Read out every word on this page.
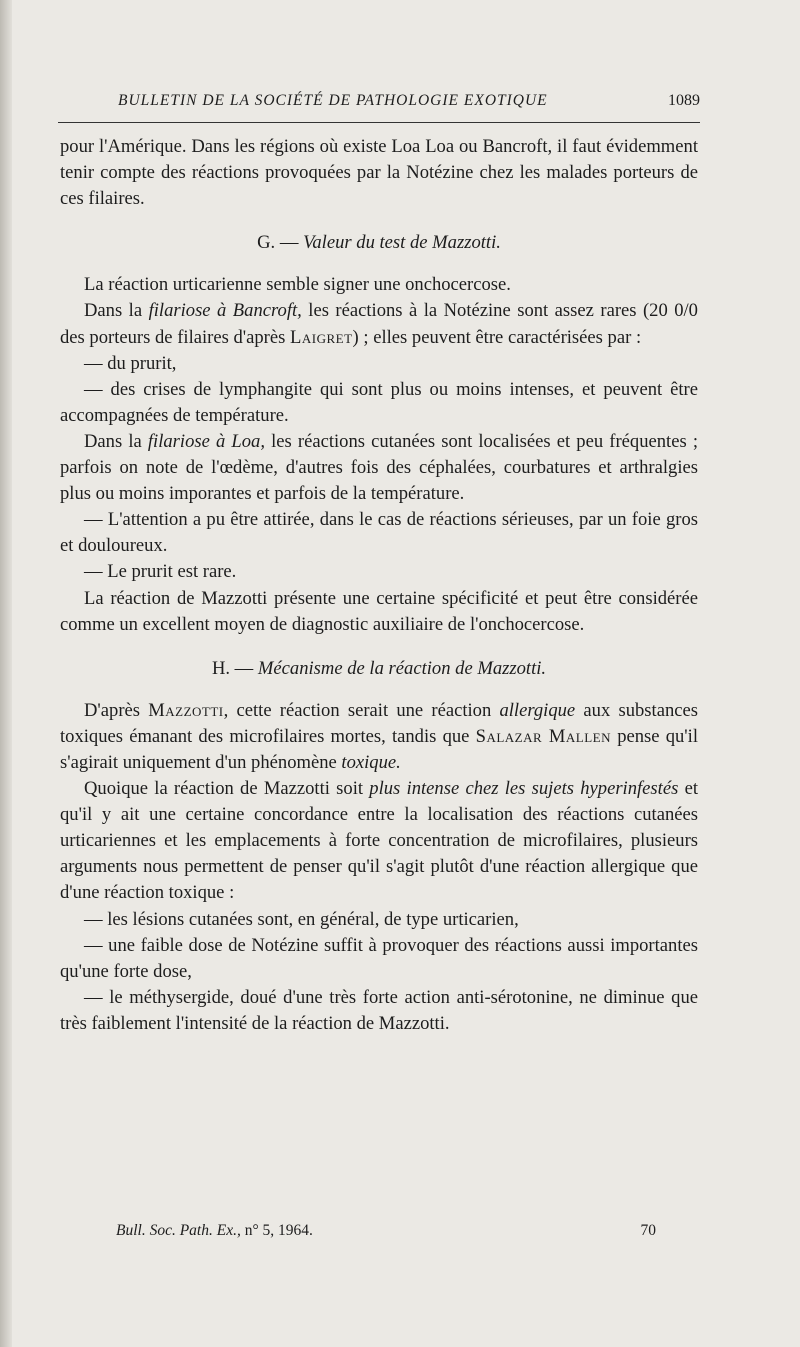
BULLETIN DE LA SOCIÉTÉ DE PATHOLOGIE EXOTIQUE	1089

pour l'Amérique. Dans les régions où existe Loa Loa ou Bancroft, il faut évidemment tenir compte des réactions provoquées par la Notézine chez les malades porteurs de ces filaires.

G. — Valeur du test de Mazzotti.

La réaction urticarienne semble signer une onchocercose.

Dans la filariose à Bancroft, les réactions à la Notézine sont assez rares (20 0/0 des porteurs de filaires d'après Laigret) ; elles peuvent être caractérisées par :

— du prurit,

— des crises de lymphangite qui sont plus ou moins intenses, et peuvent être accompagnées de température.

Dans la filariose à Loa, les réactions cutanées sont localisées et peu fréquentes ; parfois on note de l'œdème, d'autres fois des céphalées, courbatures et arthralgies plus ou moins imporantes et parfois de la température.

— L'attention a pu être attirée, dans le cas de réactions sérieuses, par un foie gros et douloureux.

— Le prurit est rare.

La réaction de Mazzotti présente une certaine spécificité et peut être considérée comme un excellent moyen de diagnostic auxiliaire de l'onchocercose.

H. — Mécanisme de la réaction de Mazzotti.

D'après Mazzotti, cette réaction serait une réaction allergique aux substances toxiques émanant des microfilaires mortes, tandis que Salazar Mallen pense qu'il s'agirait uniquement d'un phénomène toxique.

Quoique la réaction de Mazzotti soit plus intense chez les sujets hyperinfestés et qu'il y ait une certaine concordance entre la localisation des réactions cutanées urticariennes et les emplacements à forte concentration de microfilaires, plusieurs arguments nous permettent de penser qu'il s'agit plutôt d'une réaction allergique que d'une réaction toxique :

— les lésions cutanées sont, en général, de type urticarien,

— une faible dose de Notézine suffit à provoquer des réactions aussi importantes qu'une forte dose,

— le méthysergide, doué d'une très forte action anti-sérotonine, ne diminue que très faiblement l'intensité de la réaction de Mazzotti.

Bull. Soc. Path. Ex., n° 5, 1964.	70
